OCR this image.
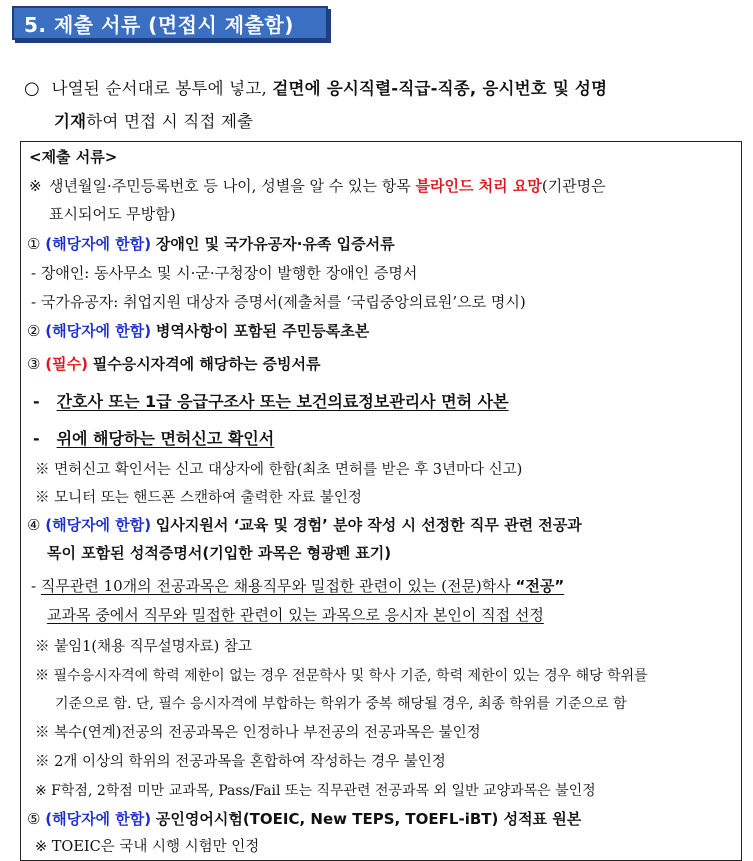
5. 제출 서류 (면접시 제출함)
○ 나열된 순서대로 봉투에 넣고, 겉면에 응시직렬-직급-직종, 응시번호 및 성명
기재하여 면접 시 직접 제출
<제출 서류>
※ 생년월일·주민등록번호 등 나이, 성별을 알 수 있는 항목 블라인드 처리 요망(기관명은
표시되어도 무방함)
① (해당자에 한함) 장애인 및 국가유공자·유족 입증서류
- 장애인: 동사무소 및 시·군·구청장이 발행한 장애인 증명서
- 국가유공자: 취업지원 대상자 증명서(제출처를 ‘국립중앙의료원’으로 명시)
② (해당자에 한함) 병역사항이 포함된 주민등록초본
③ (필수) 필수응시자격에 해당하는 증빙서류
- 간호사 또는 1급 응급구조사 또는 보건의료정보관리사 면허 사본
- 위에 해당하는 면허신고 확인서
※ 면허신고 확인서는 신고 대상자에 한함(최초 면허를 받은 후 3년마다 신고)
※ 모니터 또는 핸드폰 스캔하여 출력한 자료 불인정
④ (해당자에 한함) 입사지원서 ‘교육 및 경험’ 분야 작성 시 선정한 직무 관련 전공과
목이 포함된 성적증명서(기입한 과목은 형광펜 표기)
- 직무관련 10개의 전공과목은 채용직무와 밀접한 관련이 있는 (전문)학사 “전공”
교과목 중에서 직무와 밀접한 관련이 있는 과목으로 응시자 본인이 직접 선정
※ 붙임1(채용 직무설명자료) 참고
※ 필수응시자격에 학력 제한이 없는 경우 전문학사 및 학사 기준, 학력 제한이 있는 경우 해당 학위를
기준으로 함. 단, 필수 응시자격에 부합하는 학위가 중복 해당될 경우, 최종 학위를 기준으로 함
※ 복수(연계)전공의 전공과목은 인정하나 부전공의 전공과목은 불인정
※ 2개 이상의 학위의 전공과목을 혼합하여 작성하는 경우 불인정
※ F학점, 2학점 미만 교과목, Pass/Fail 또는 직무관련 전공과목 외 일반 교양과목은 불인정
⑤ (해당자에 한함) 공인영어시험(TOEIC, New TEPS, TOEFL-iBT) 성적표 원본
※ TOEIC은 국내 시행 시험만 인정
